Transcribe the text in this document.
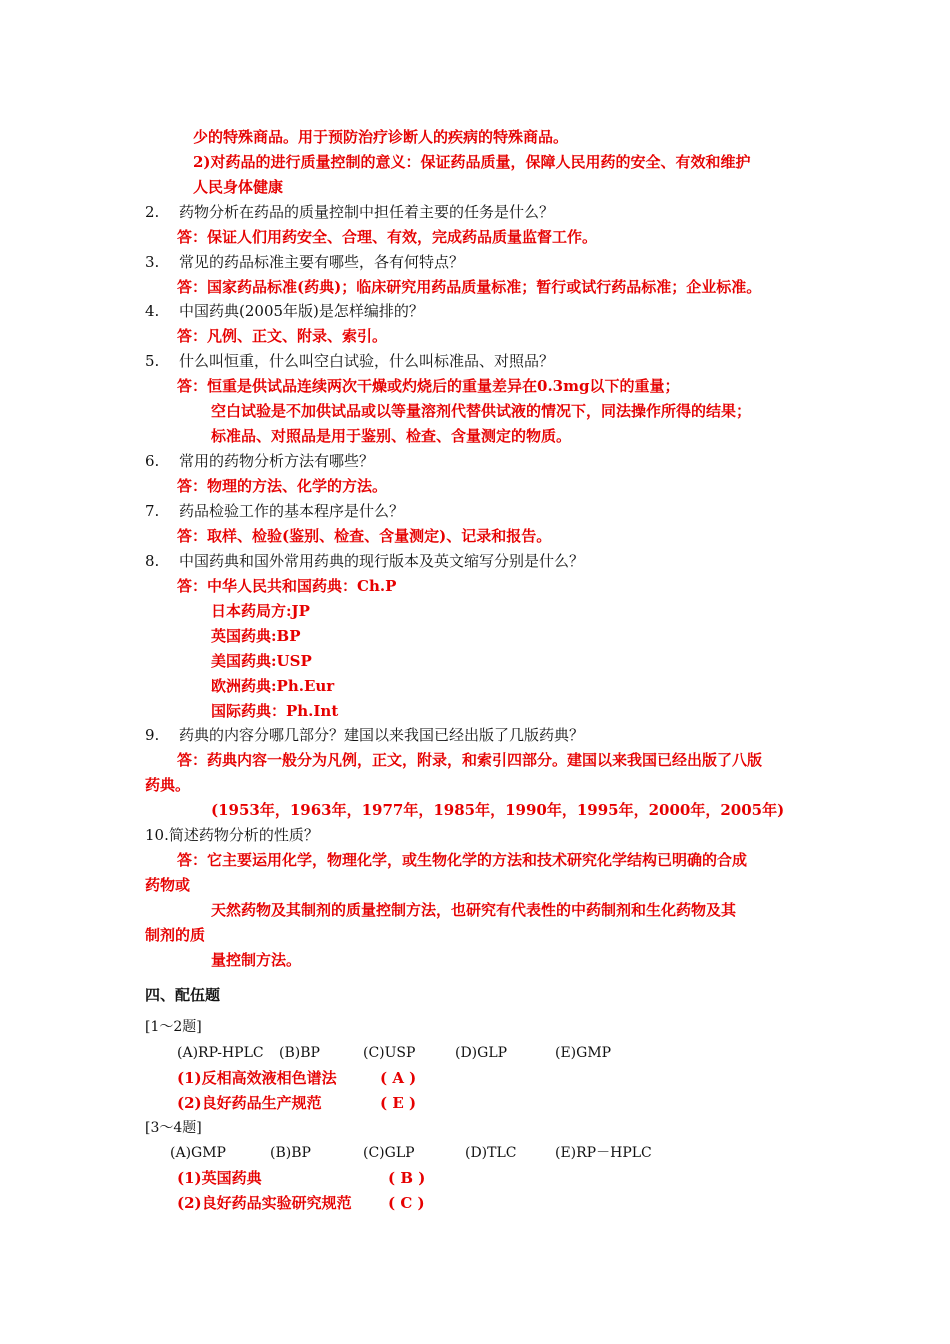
少的特殊商品。用于预防治疗诊断人的疾病的特殊商品。
2)对药品的进行质量控制的意义：保证药品质量，保障人民用药的安全、有效和维护
人民身体健康
2. 药物分析在药品的质量控制中担任着主要的任务是什么？
答：保证人们用药安全、合理、有效，完成药品质量监督工作。
3. 常见的药品标准主要有哪些，各有何特点？
答：国家药品标准(药典)；临床研究用药品质量标准；暂行或试行药品标准；企业标准。
4. 中国药典(2005年版)是怎样编排的？
答：凡例、正文、附录、索引。
5. 什么叫恒重，什么叫空白试验，什么叫标准品、对照品？
答：恒重是供试品连续两次干燥或灼烧后的重量差异在0.3mg以下的重量；
空白试验是不加供试品或以等量溶剂代替供试液的情况下，同法操作所得的结果；
标准品、对照品是用于鉴别、检查、含量测定的物质。
6. 常用的药物分析方法有哪些？
答：物理的方法、化学的方法。
7. 药品检验工作的基本程序是什么？
答：取样、检验(鉴别、检查、含量测定)、记录和报告。
8. 中国药典和国外常用药典的现行版本及英文缩写分别是什么？
答：中华人民共和国药典：Ch.P
日本药局方:JP
英国药典:BP
美国药典:USP
欧洲药典:Ph.Eur
国际药典：Ph.Int
9. 药典的内容分哪几部分？建国以来我国已经出版了几版药典？
答：药典内容一般分为凡例，正文，附录，和索引四部分。建国以来我国已经出版了八版
药典。
(1953年，1963年，1977年，1985年，1990年，1995年，2000年，2005年)
10.简述药物分析的性质？
答：它主要运用化学，物理化学，或生物化学的方法和技术研究化学结构已明确的合成
药物或
天然药物及其制剂的质量控制方法，也研究有代表性的中药制剂和生化药物及其
制剂的质
量控制方法。
四、配伍题
[1～2题]
(A)RP-HPLC (B)BP	(C)USP	(D)GLP	(E)GMP
(1)反相高效液相色谱法	( A )
(2)良好药品生产规范	( E )
[3～4题]
(A)GMP	(B)BP	(C)GLP	(D)TLC	(E)RP－HPLC
(1)英国药典	( B )
(2)良好药品实验研究规范 ( C )
